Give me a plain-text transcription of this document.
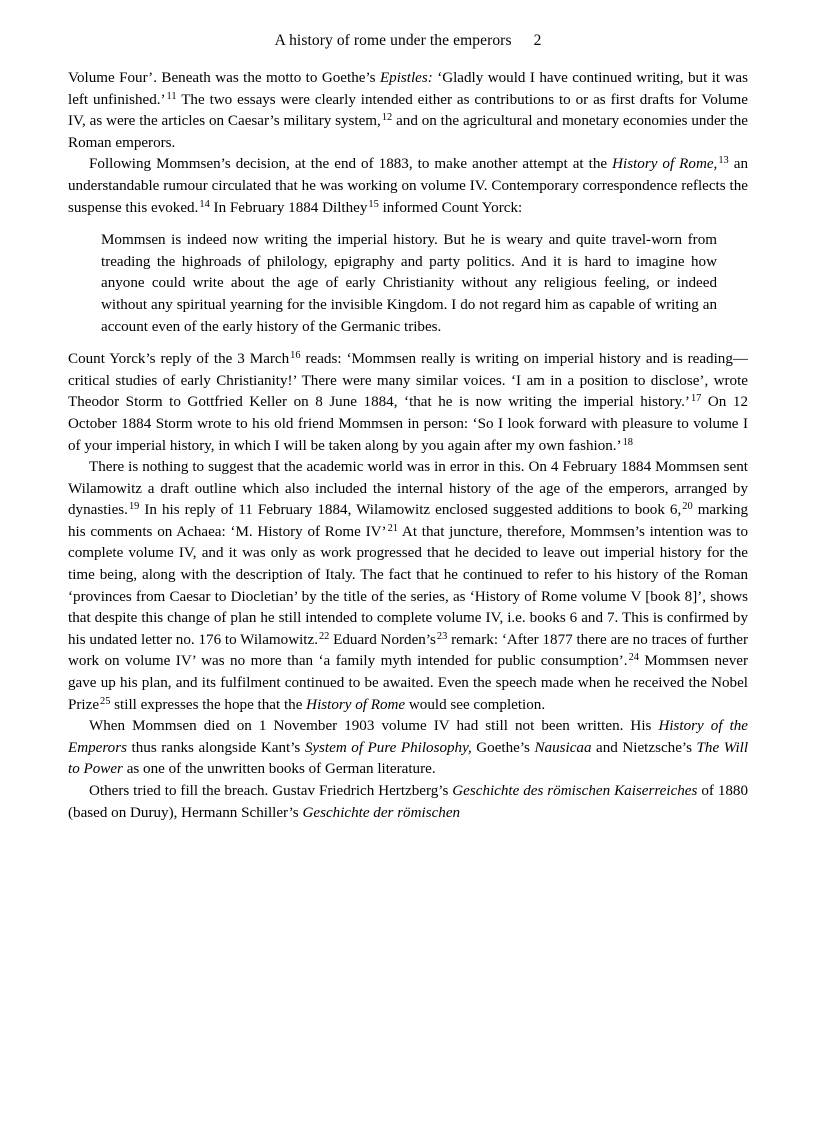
A history of rome under the emperors 2

Volume Four’. Beneath was the motto to Goethe’s Epistles: ‘Gladly would I have continued writing, but it was left unfinished.’$^{11}$ The two essays were clearly intended either as contributions to or as first drafts for Volume IV, as were the articles on Caesar’s military system,$^{12}$ and on the agricultural and monetary economies under the Roman emperors.

Following Mommsen’s decision, at the end of 1883, to make another attempt at the History of Rome,$^{13}$ an understandable rumour circulated that he was working on volume IV. Contemporary correspondence reflects the suspense this evoked.$^{14}$ In February 1884 Dilthey$^{15}$ informed Count Yorck:

Mommsen is indeed now writing the imperial history. But he is weary and quite travel-worn from treading the highroads of philology, epigraphy and party politics. And it is hard to imagine how anyone could write about the age of early Christianity without any religious feeling, or indeed without any spiritual yearning for the invisible Kingdom. I do not regard him as capable of writing an account even of the early history of the Germanic tribes.

Count Yorck’s reply of the 3 March$^{16}$ reads: ‘Mommsen really is writing on imperial history and is reading—critical studies of early Christianity!’ There were many similar voices. ‘I am in a position to disclose’, wrote Theodor Storm to Gottfried Keller on 8 June 1884, ‘that he is now writing the imperial history.’$^{17}$ On 12 October 1884 Storm wrote to his old friend Mommsen in person: ‘So I look forward with pleasure to volume I of your imperial history, in which I will be taken along by you again after my own fashion.’$^{18}$

There is nothing to suggest that the academic world was in error in this. On 4 February 1884 Mommsen sent Wilamowitz a draft outline which also included the internal history of the age of the emperors, arranged by dynasties.$^{19}$ In his reply of 11 February 1884, Wilamowitz enclosed suggested additions to book 6,20 marking his comments on Achaea: ‘M. History of Rome IV’$^{21}$ At that juncture, therefore, Mommsen’s intention was to complete volume IV, and it was only as work progressed that he decided to leave out imperial history for the time being, along with the description of Italy. The fact that he continued to refer to his history of the Roman ‘provinces from Caesar to Diocletian’ by the title of the series, as ‘History of Rome volume V [book 8]’, shows that despite this change of plan he still intended to complete volume IV, i.e. books 6 and 7. This is confirmed by his undated letter no. 176 to Wilamowitz.$^{22}$ Eduard Norden’s$^{23}$ remark: ‘After 1877 there are no traces of further work on volume IV’ was no more than ‘a family myth intended for public consumption’.$^{24}$ Mommsen never gave up his plan, and its fulfilment continued to be awaited. Even the speech made when he received the Nobel Prize$^{25}$ still expresses the hope that the History of Rome would see completion.

When Mommsen died on 1 November 1903 volume IV had still not been written. His History of the Emperors thus ranks alongside Kant’s System of Pure Philosophy, Goethe’s Nausicaa and Nietzsche’s The Will to Power as one of the unwritten books of German literature.

Others tried to fill the breach. Gustav Friedrich Hertzberg’s Geschichte des römischen Kaiserreiches of 1880 (based on Duruy), Hermann Schiller’s Geschichte der römischen
